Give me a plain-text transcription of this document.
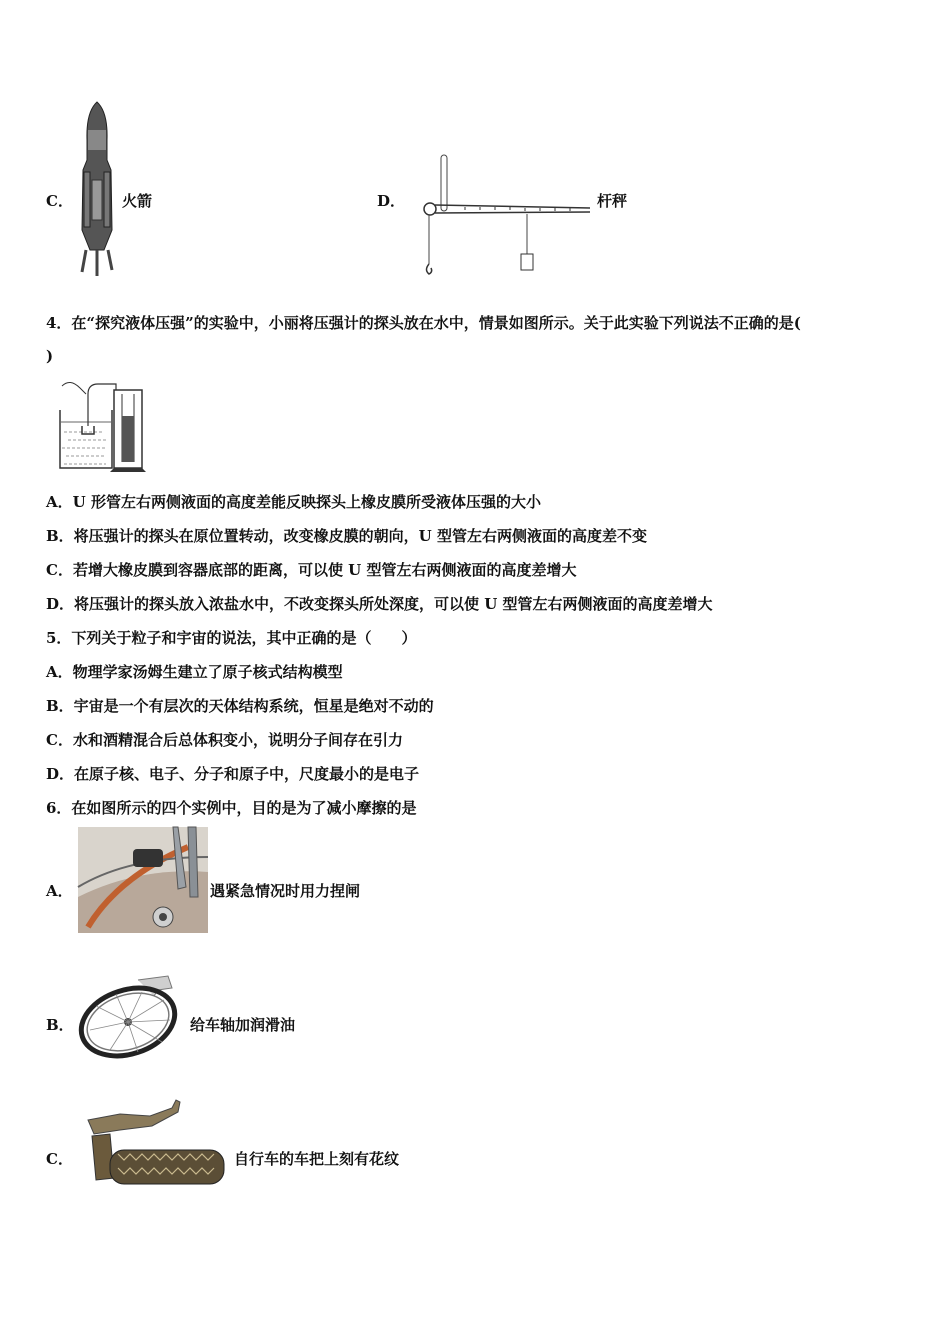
C．	火箭	D．	杆秤
4．在“探究液体压强”的实验中，小丽将压强计的探头放在水中，情景如图所示。关于此实验下列说法不正确的是(
)
A．U 形管左右两侧液面的高度差能反映探头上橡皮膜所受液体压强的大小
B．将压强计的探头在原位置转动，改变橡皮膜的朝向，U 型管左右两侧液面的高度差不变
C．若增大橡皮膜到容器底部的距离，可以使 U 型管左右两侧液面的高度差增大
D．将压强计的探头放入浓盐水中，不改变探头所处深度，可以使 U 型管左右两侧液面的高度差增大
5．下列关于粒子和宇宙的说法，其中正确的是（　　）
A．物理学家汤姆生建立了原子核式结构模型
B．宇宙是一个有层次的天体结构系统，恒星是绝对不动的
C．水和酒精混合后总体积变小，说明分子间存在引力
D．在原子核、电子、分子和原子中，尺度最小的是电子
6．在如图所示的四个实例中，目的是为了减小摩擦的是
A．	遇紧急情况时用力捏闸
B．	给车轴加润滑油
C．	自行车的车把上刻有花纹
